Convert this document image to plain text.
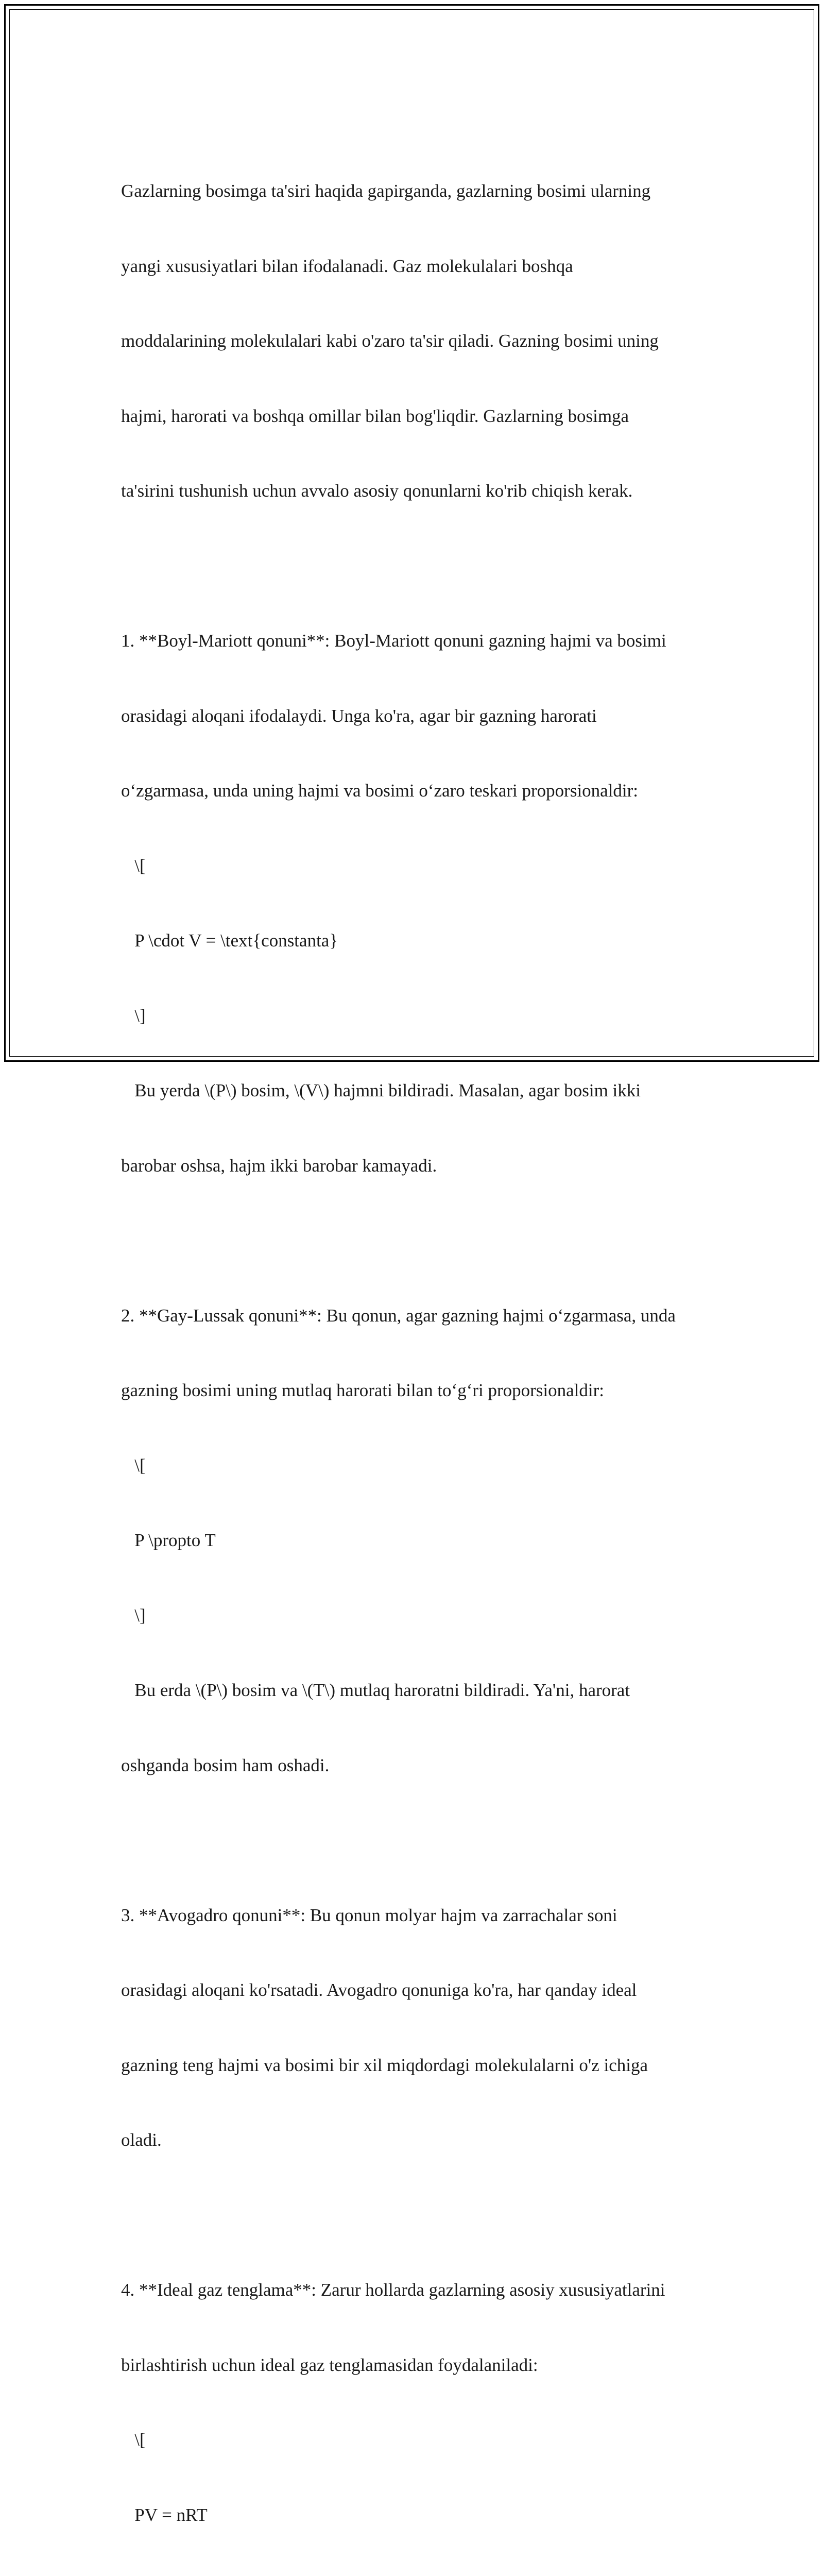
Gazlarning bosimga ta'siri haqida gapirganda, gazlarning bosimi ularning

yangi xususiyatlari bilan ifodalanadi. Gaz molekulalari boshqa

moddalarining molekulalari kabi o'zaro ta'sir qiladi. Gazning bosimi uning

hajmi, harorati va boshqa omillar bilan bog'liqdir. Gazlarning bosimga

ta'sirini tushunish uchun avvalo asosiy qonunlarni ko'rib chiqish kerak.

1. **Boyl-Mariott qonuni**: Boyl-Mariott qonuni gazning hajmi va bosimi

orasidagi aloqani ifodalaydi. Unga ko'ra, agar bir gazning harorati

o‘zgarmasa, unda uning hajmi va bosimi o‘zaro teskari proporsionaldir:

\[

P \cdot V = \text{constanta}

\]

Bu yerda \(P\) bosim, \(V\) hajmni bildiradi. Masalan, agar bosim ikki

barobar oshsa, hajm ikki barobar kamayadi.

2. **Gay-Lussak qonuni**: Bu qonun, agar gazning hajmi o‘zgarmasa, unda

gazning bosimi uning mutlaq harorati bilan to‘g‘ri proporsionaldir:

\[

P \propto T

\]

Bu erda \(P\) bosim va \(T\) mutlaq haroratni bildiradi. Ya'ni, harorat

oshganda bosim ham oshadi.

3. **Avogadro qonuni**: Bu qonun molyar hajm va zarrachalar soni

orasidagi aloqani ko'rsatadi. Avogadro qonuniga ko'ra, har qanday ideal

gazning teng hajmi va bosimi bir xil miqdordagi molekulalarni o'z ichiga

oladi.

4. **Ideal gaz tenglama**: Zarur hollarda gazlarning asosiy xususiyatlarini

birlashtirish uchun ideal gaz tenglamasidan foydalaniladi:

\[

PV = nRT
